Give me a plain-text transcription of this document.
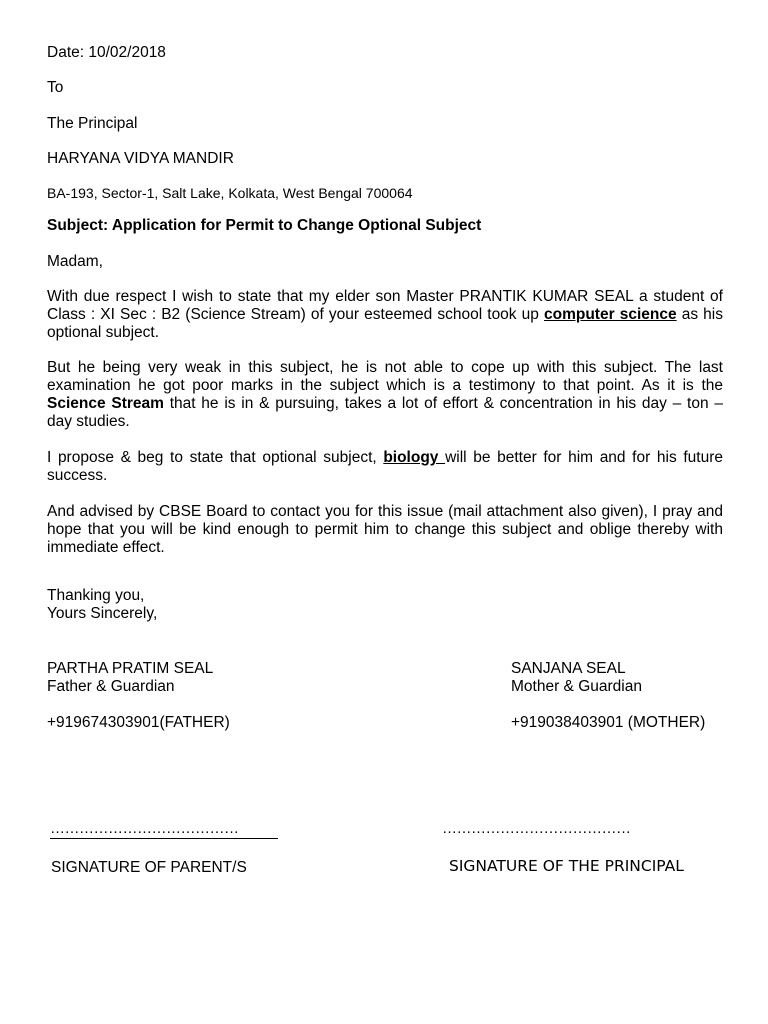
Date: 10/02/2018
To
The Principal
HARYANA VIDYA MANDIR
BA-193, Sector-1, Salt Lake, Kolkata, West Bengal 700064
Subject: Application for Permit to Change Optional Subject
Madam,
With due respect I wish to state that my elder son Master PRANTIK KUMAR SEAL a student of Class : XI Sec : B2 (Science Stream) of your esteemed school took up computer science as his optional subject.
But he being very weak in this subject, he is not able to cope up with this subject. The last examination he got poor marks in the subject which is a testimony to that point. As it is the Science Stream that he is in & pursuing, takes a lot of effort & concentration in his day – ton – day studies.
I propose & beg to state that optional subject, biology will be better for him and for his future success.
And advised by CBSE Board to contact you for this issue (mail attachment also given), I pray and hope that you will be kind enough to permit him to change this subject and oblige thereby with immediate effect.
Thanking you,
Yours Sincerely,
PARTHA PRATIM SEAL
Father & Guardian
+919674303901(FATHER)
SANJANA SEAL
Mother & Guardian
+919038403901 (MOTHER)
…………………………………
SIGNATURE OF PARENT/S
…………………………………
SIGNATURE OF THE PRINCIPAL
